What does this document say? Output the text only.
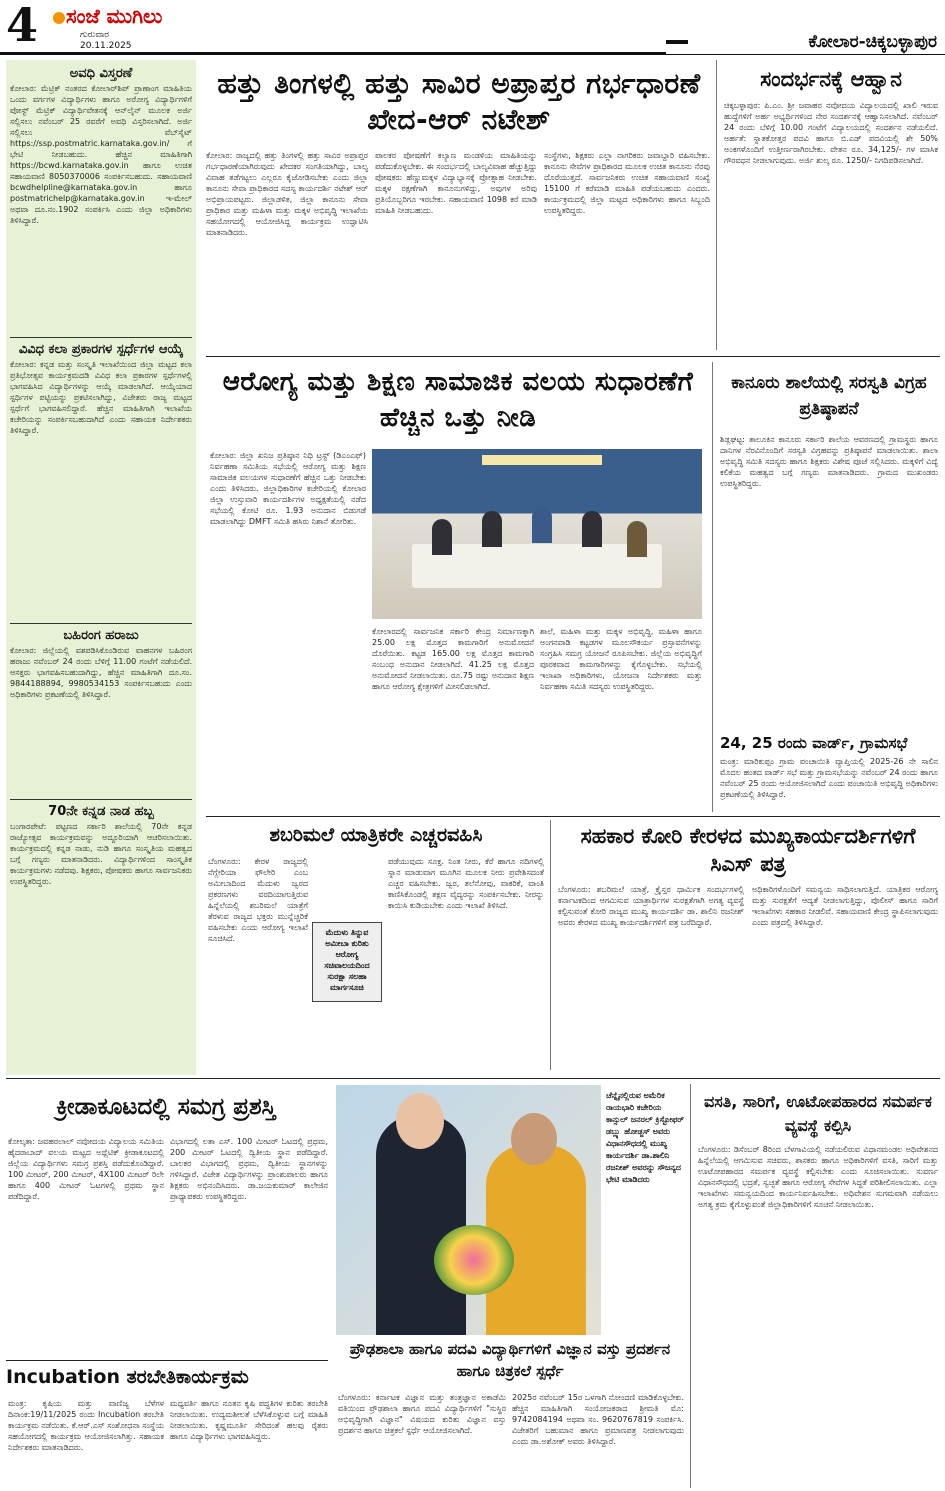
4	ಸಂಜೆ ಮುಗಿಲು
ಗುರುವಾರ
20.11.2025	ಕೋಲಾರ-ಚಿಕ್ಕಬಳ್ಳಾಪುರ
ಅವಧಿ ವಿಸ್ತರಣೆ
ಕೋಲಾರ: ಮೆಟ್ರಿಕ್ ನಂತರದ ಕೋಲಾರ್‌ಶಿಪ್ ಪ್ರಾಣಾಂಗ ಮಾಹಿತಿಯ ಒಂದು ವರ್ಗಗಳ ವಿದ್ಯಾರ್ಥಿಗಳು ಹಾಗೂ ಅರೋಗ್ಯ ವಿದ್ಯಾರ್ಥಿಗಳಿಗೆ ಪೋಸ್ಟ್‌ ಮೆಟ್ರಿಕ್ ವಿದ್ಯಾರ್ಥಿವೇತನಕ್ಕೆ ಆನ್‌ಲೈನ್ ಮೂಲಕ ಅರ್ಜಿ ಸಲ್ಲಿಸಲು ನವೆಂಬರ್ 25 ರವರೆಗೆ ಅವಧಿ ವಿಸ್ತರಿಸಲಾಗಿದೆ. ಅರ್ಜಿ ಸಲ್ಲಿಸಲು ವೆಬ್‌ಸೈಟ್ https://ssp.postmatric.karnataka.gov.in/ ಗೆ ಭೇಟಿ ನೀಡಬಹುದು. ಹೆಚ್ಚಿನ ಮಾಹಿತಿಗಾಗಿ https://bcwd.karnataka.gov.in ಹಾಗೂ ಉಚಿತ ಸಹಾಯವಾಣಿ 8050370006 ಸಂಪರ್ಕಿಸಬಹುದು. ಸಹಾಯವಾಣಿ bcwdhelpline@karnataka.gov.in ಹಾಗೂ postmatrichelp@karnataka.gov.in ಇ-ಮೇಲ್ ಅಥವಾ ದೂ.ನಂ.1902 ಸಂಪರ್ಕಿಸಿ ಎಂದು ಜಿಲ್ಲಾ ಅಧಿಕಾರಿಗಳು ತಿಳಿಸಿದ್ದಾರೆ.
ವಿವಿಧ ಕಲಾ ಪ್ರಕಾರಗಳ ಸ್ಪರ್ಧೆಗಳ ಆಯ್ಕೆ
ಕೋಲಾರ: ಕನ್ನಡ ಮತ್ತು ಸಂಸ್ಕೃತಿ ಇಲಾಖೆಯಿಂದ ಜಿಲ್ಲಾ ಮಟ್ಟದ ಕಲಾ ಪ್ರತಿಭೋತ್ಸವ ಕಾರ್ಯಕ್ರಮದಡಿ ವಿವಿಧ ಕಲಾ ಪ್ರಕಾರಗಳ ಸ್ಪರ್ಧೆಗಳಲ್ಲಿ ಭಾಗವಹಿಸಿದ ವಿದ್ಯಾರ್ಥಿಗಳನ್ನು ಆಯ್ಕೆ ಮಾಡಲಾಗಿದೆ. ಆಯ್ಕೆಯಾದ ಸ್ಪರ್ಧಿಗಳ ಪಟ್ಟಿಯನ್ನು ಪ್ರಕಟಿಸಲಾಗಿದ್ದು, ವಿಜೇತರು ರಾಜ್ಯ ಮಟ್ಟದ ಸ್ಪರ್ಧೆಗೆ ಭಾಗವಹಿಸಲಿದ್ದಾರೆ. ಹೆಚ್ಚಿನ ಮಾಹಿತಿಗಾಗಿ ಇಲಾಖೆಯ ಕಚೇರಿಯನ್ನು ಸಂಪರ್ಕಿಸಬಹುದಾಗಿದೆ ಎಂದು ಸಹಾಯಕ ನಿರ್ದೇಶಕರು ತಿಳಿಸಿದ್ದಾರೆ.
ಬಹಿರಂಗ ಹರಾಜು
ಕೋಲಾರ: ಜಿಲ್ಲೆಯಲ್ಲಿ ವಶಪಡಿಸಿಕೊಂಡಿರುವ ವಾಹನಗಳ ಬಹಿರಂಗ ಹರಾಜು ನವೆಂಬರ್ 24 ರಂದು ಬೆಳಿಗ್ಗೆ 11.00 ಗಂಟೆಗೆ ನಡೆಯಲಿದೆ. ಆಸಕ್ತರು ಭಾಗವಹಿಸಬಹುದಾಗಿದ್ದು, ಹೆಚ್ಚಿನ ಮಾಹಿತಿಗಾಗಿ ದೂ.ಸಂ. 9844188894, 9980534153 ಸಂಪರ್ಕಿಸಬಹುದು ಎಂದು ಅಧಿಕಾರಿಗಳು ಪ್ರಕಟಣೆಯಲ್ಲಿ ತಿಳಿಸಿದ್ದಾರೆ.
70ನೇ ಕನ್ನಡ ನಾಡ ಹಬ್ಬ
ಬಂಗಾರಪೇಟೆ: ಪಟ್ಟಣದ ಸರ್ಕಾರಿ ಶಾಲೆಯಲ್ಲಿ 70ನೇ ಕನ್ನಡ ರಾಜ್ಯೋತ್ಸವ ಕಾರ್ಯಕ್ರಮವನ್ನು ಅದ್ದೂರಿಯಾಗಿ ಆಚರಿಸಲಾಯಿತು. ಕಾರ್ಯಕ್ರಮದಲ್ಲಿ ಕನ್ನಡ ನಾಡು, ನುಡಿ ಹಾಗೂ ಸಂಸ್ಕೃತಿಯ ಮಹತ್ವದ ಬಗ್ಗೆ ಗಣ್ಯರು ಮಾತನಾಡಿದರು. ವಿದ್ಯಾರ್ಥಿಗಳಿಂದ ಸಾಂಸ್ಕೃತಿಕ ಕಾರ್ಯಕ್ರಮಗಳು ನಡೆದವು. ಶಿಕ್ಷಕರು, ಪೋಷಕರು ಹಾಗೂ ಸಾರ್ವಜನಿಕರು ಉಪಸ್ಥಿತರಿದ್ದರು.
ಹತ್ತು ತಿಂಗಳಲ್ಲಿ ಹತ್ತು ಸಾವಿರ ಅಪ್ರಾಪ್ತರ ಗರ್ಭಧಾರಣೆ ಖೇದ-ಆರ್ ನಟೇಶ್
ಕೋಲಾರ: ರಾಜ್ಯದಲ್ಲಿ ಹತ್ತು ತಿಂಗಳಲ್ಲಿ ಹತ್ತು ಸಾವಿರ ಅಪ್ರಾಪ್ತರ ಗರ್ಭಧಾರಣೆಯಾಗಿರುವುದು ಖೇದಕರ ಸಂಗತಿಯಾಗಿದ್ದು, ಬಾಲ್ಯ ವಿವಾಹ ತಡೆಗಟ್ಟಲು ಎಲ್ಲರೂ ಕೈಜೋಡಿಸಬೇಕು ಎಂದು ಜಿಲ್ಲಾ ಕಾನೂನು ಸೇವಾ ಪ್ರಾಧಿಕಾರದ ಸದಸ್ಯ ಕಾರ್ಯದರ್ಶಿ ನಟೇಶ್ ಆರ್ ಅಭಿಪ್ರಾಯಪಟ್ಟರು. ಜಿಲ್ಲಾಡಳಿತ, ಜಿಲ್ಲಾ ಕಾನೂನು ಸೇವಾ ಪ್ರಾಧಿಕಾರ ಮತ್ತು ಮಹಿಳಾ ಮತ್ತು ಮಕ್ಕಳ ಅಭಿವೃದ್ಧಿ ಇಲಾಖೆಯ ಸಹಯೋಗದಲ್ಲಿ ಆಯೋಜಿಸಿದ್ದ ಕಾರ್ಯಕ್ರಮ ಉದ್ಘಾಟಿಸಿ ಮಾತನಾಡಿದರು.
ಪಾಲಕರ ಪೋಷಣೆಗೆ ಕಲ್ಯಾಣ ಮಂಡಳಿಯ ಮಾಹಿತಿಯನ್ನು ಪಡೆದುಕೊಳ್ಳಬೇಕು. ಈ ಸಂದರ್ಭದಲ್ಲಿ ಬಾಲ್ಯವಿವಾಹ ಹೆಚ್ಚುತ್ತಿದ್ದು ಪೋಷಕರು ಹೆಣ್ಣುಮಕ್ಕಳ ವಿದ್ಯಾಭ್ಯಾಸಕ್ಕೆ ಪ್ರೋತ್ಸಾಹ ನೀಡಬೇಕು. ಮಕ್ಕಳ ರಕ್ಷಣೆಗಾಗಿ ಕಾನೂನುಗಳಿದ್ದು, ಅವುಗಳ ಅರಿವು ಪ್ರತಿಯೊಬ್ಬರಿಗೂ ಇರಬೇಕು. ಸಹಾಯವಾಣಿ 1098 ಕರೆ ಮಾಡಿ ಮಾಹಿತಿ ನೀಡಬಹುದು.
ಸಂಸ್ಥೆಗಳು, ಶಿಕ್ಷಕರು ಎಲ್ಲಾ ನಾಗರಿಕರು ಜವಾಬ್ದಾರಿ ವಹಿಸಬೇಕು. ಕಾನೂನು ಸೇವೆಗಳ ಪ್ರಾಧಿಕಾರದ ಮೂಲಕ ಉಚಿತ ಕಾನೂನು ನೆರವು ದೊರೆಯುತ್ತದೆ. ಸಾರ್ವಜನಿಕರು ಉಚಿತ ಸಹಾಯವಾಣಿ ಸಂಖ್ಯೆ 15100 ಗೆ ಕರೆಮಾಡಿ ಮಾಹಿತಿ ಪಡೆಯಬಹುದು ಎಂದರು. ಕಾರ್ಯಕ್ರಮದಲ್ಲಿ ಜಿಲ್ಲಾ ಮಟ್ಟದ ಅಧಿಕಾರಿಗಳು ಹಾಗೂ ಸಿಬ್ಬಂದಿ ಉಪಸ್ಥಿತರಿದ್ದರು.
ಸಂದರ್ಭನಕ್ಕೆ ಆಹ್ವಾನ
ಚಿಕ್ಕಬಳ್ಳಾಪುರ: ಪಿ.ಎಂ. ಶ್ರೀ ಜವಾಹರ ನವೋದಯ ವಿದ್ಯಾಲಯದಲ್ಲಿ ಖಾಲಿ ಇರುವ ಹುದ್ದೆಗಳಿಗೆ ಅರ್ಹ ಅಭ್ಯರ್ಥಿಗಳಿಂದ ನೇರ ಸಂದರ್ಶನಕ್ಕೆ ಆಹ್ವಾನಿಸಲಾಗಿದೆ. ನವೆಂಬರ್ 24 ರಂದು ಬೆಳಿಗ್ಗೆ 10.00 ಗಂಟೆಗೆ ವಿದ್ಯಾಲಯದಲ್ಲಿ ಸಂದರ್ಶನ ನಡೆಯಲಿದೆ. ಅರ್ಹತೆ: ಸ್ನಾತಕೋತ್ತರ ಪದವಿ ಹಾಗೂ ಬಿ.ಎಡ್ ಪದವಿಯಲ್ಲಿ ಶೇ 50% ಅಂಕಗಳೊಂದಿಗೆ ಉತ್ತೀರ್ಣರಾಗಿರಬೇಕು. ವೇತನ ರೂ. 34,125/- ಗಳ ಮಾಸಿಕ ಗೌರವಧನ ನೀಡಲಾಗುವುದು. ಅರ್ಜಿ ಶುಲ್ಕ ರೂ. 1250/- ನಿಗದಿಪಡಿಸಲಾಗಿದೆ.
ಆರೋಗ್ಯ ಮತ್ತು ಶಿಕ್ಷಣ ಸಾಮಾಜಿಕ ವಲಯ ಸುಧಾರಣೆಗೆ ಹೆಚ್ಚಿನ ಒತ್ತು ನೀಡಿ
ಕೋಲಾರ: ಜಿಲ್ಲಾ ಖನಿಜ ಪ್ರತಿಷ್ಠಾನ ನಿಧಿ ಟ್ರಸ್ಟ್ (ಡಿಎಂಎಫ್) ನಿರ್ವಹಣಾ ಸಮಿತಿಯ ಸಭೆಯಲ್ಲಿ ಆರೋಗ್ಯ ಮತ್ತು ಶಿಕ್ಷಣ ಸಾಮಾಜಿಕ ವಲಯಗಳ ಸುಧಾರಣೆಗೆ ಹೆಚ್ಚಿನ ಒತ್ತು ನೀಡಬೇಕು ಎಂದು ತಿಳಿಸಿದರು. ಜಿಲ್ಲಾಧಿಕಾರಿಗಳ ಕಚೇರಿಯಲ್ಲಿ ಕೋಲಾರ ಜಿಲ್ಲಾ ಉಸ್ತುವಾರಿ ಕಾರ್ಯದರ್ಶಿಗಳ ಅಧ್ಯಕ್ಷತೆಯಲ್ಲಿ ನಡೆದ ಸಭೆಯಲ್ಲಿ ಕೋಟಿ ರೂ. 1.93 ಅನುದಾನ ಬಿಡುಗಡೆ ಮಾಡಲಾಗಿದ್ದು DMFT ಸಮಿತಿ ಹಸಿರು ನಿಶಾನೆ ತೋರಿತು.
ಕೋಲಾರದಲ್ಲಿ ಸಾರ್ವಜನಿಕ ಸರ್ಕಾರಿ ಕೇಂದ್ರ ನಿರ್ಮಾಣಕ್ಕಾಗಿ 25.00 ಲಕ್ಷ ಮೊತ್ತದ ಕಾಮಗಾರಿಗೆ ಅನುಮೋದನೆ ದೊರೆಯಿತು. ಕಟ್ಟಡ 165.00 ಲಕ್ಷ ಮೊತ್ತದ ಕಾಮಗಾರಿ ಸಂಬಂಧ ಅನುದಾನ ನೀಡಲಾಗಿದೆ. 41.25 ಲಕ್ಷ ಮೊತ್ತದ ಅನುಮೋದನೆ ನೀಡಲಾಯಿತು. ರೂ.75 ರಷ್ಟು ಅನುದಾನ ಶಿಕ್ಷಣ ಹಾಗೂ ಆರೋಗ್ಯ ಕ್ಷೇತ್ರಗಳಿಗೆ ಮೀಸಲಿಡಲಾಗಿದೆ.
ಶಾಲೆ, ಮಹಿಳಾ ಮತ್ತು ಮಕ್ಕಳ ಅಭಿವೃದ್ಧಿ, ಮಹಿಳಾ ಹಾಗೂ ಅಂಗನವಾಡಿ ಕಟ್ಟಡಗಳ ಮೂಲಸೌಕರ್ಯ ಪ್ರಸ್ತಾವನೆಗಳನ್ನು ಸಂಗ್ರಹಿಸಿ ಸಮಗ್ರ ಯೋಜನೆ ರೂಪಿಸಬೇಕು. ಜಿಲ್ಲೆಯ ಅಭಿವೃದ್ಧಿಗೆ ಪೂರಕವಾದ ಕಾಮಗಾರಿಗಳನ್ನು ಕೈಗೊಳ್ಳಬೇಕು. ಸಭೆಯಲ್ಲಿ ಇಲಾಖಾ ಅಧಿಕಾರಿಗಳು, ಯೋಜನಾ ನಿರ್ದೇಶಕರು ಮತ್ತು ನಿರ್ವಹಣಾ ಸಮಿತಿ ಸದಸ್ಯರು ಉಪಸ್ಥಿತರಿದ್ದರು.
ಕಾನೂರು ಶಾಲೆಯಲ್ಲಿ ಸರಸ್ವತಿ ವಿಗ್ರಹ ಪ್ರತಿಷ್ಠಾಪನೆ
ಶಿಡ್ಲಘಟ್ಟ: ತಾಲೂಕಿನ ಕಾನೂರು ಸರ್ಕಾರಿ ಶಾಲೆಯ ಆವರಣದಲ್ಲಿ ಗ್ರಾಮಸ್ಥರು ಹಾಗೂ ದಾನಿಗಳ ನೆರವಿನೊಂದಿಗೆ ಸರಸ್ವತಿ ವಿಗ್ರಹವನ್ನು ಪ್ರತಿಷ್ಠಾಪನೆ ಮಾಡಲಾಯಿತು. ಶಾಲಾ ಅಭಿವೃದ್ಧಿ ಸಮಿತಿ ಸದಸ್ಯರು ಹಾಗೂ ಶಿಕ್ಷಕರು ವಿಶೇಷ ಪೂಜೆ ಸಲ್ಲಿಸಿದರು. ಮಕ್ಕಳಿಗೆ ವಿದ್ಯೆ ಕಲಿಕೆಯ ಮಹತ್ವದ ಬಗ್ಗೆ ಗಣ್ಯರು ಮಾತನಾಡಿದರು. ಗ್ರಾಮದ ಮುಖಂಡರು ಉಪಸ್ಥಿತರಿದ್ದರು.
24, 25 ರಂದು ವಾರ್ಡ್, ಗ್ರಾಮಸಭೆ
ಮಂತ್ರ: ಮಾರಿಕುಪ್ಪಂ ಗ್ರಾಮ ಪಂಚಾಯಿತಿ ವ್ಯಾಪ್ತಿಯಲ್ಲಿ 2025-26 ನೇ ಸಾಲಿನ ಮೊದಲ ಹಂತದ ವಾರ್ಡ್ ಸಭೆ ಮತ್ತು ಗ್ರಾಮಸಭೆಯನ್ನು ನವೆಂಬರ್ 24 ರಂದು ಹಾಗೂ ನವೆಂಬರ್ 25 ರಂದು ಆಯೋಜಿಸಲಾಗಿದೆ ಎಂದು ಪಂಚಾಯಿತಿ ಅಭಿವೃದ್ಧಿ ಅಧಿಕಾರಿಗಳು ಪ್ರಕಟಣೆಯಲ್ಲಿ ತಿಳಿಸಿದ್ದಾರೆ.
ಶಬರಿಮಲೆ ಯಾತ್ರಿಕರೇ ಎಚ್ಚರವಹಿಸಿ
ಬೆಂಗಳೂರು: ಕೇರಳ ರಾಜ್ಯದಲ್ಲಿ ನೆಗ್ಲೇರಿಯಾ ಫೌಲೇರಿ ಎಂಬ ಅಮೀಬಾದಿಂದ ಮೆದುಳು ಜ್ವರದ ಪ್ರಕರಣಗಳು ವರದಿಯಾಗುತ್ತಿರುವ ಹಿನ್ನೆಲೆಯಲ್ಲಿ ಶಬರಿಮಲೆ ಯಾತ್ರೆಗೆ ತೆರಳುವ ರಾಜ್ಯದ ಭಕ್ತರು ಮುನ್ನೆಚ್ಚರಿಕೆ ವಹಿಸಬೇಕು ಎಂದು ಆರೋಗ್ಯ ಇಲಾಖೆ ಸೂಚಿಸಿದೆ.
ಮೆದುಳು ತಿನ್ನುವ ಅಮೀಬಾ ಕುರಿತು ಆರೋಗ್ಯ ಸಚಿವಾಲಯದಿಂದ ಸುರಕ್ಷಾ ಸಲಹಾ ಮಾರ್ಗಸೂಚಿ
ಪಡೆಯುವುದು ಸೂಕ್ತ. ನಿಂತ ನೀರು, ಕೆರೆ ಹಾಗೂ ನದಿಗಳಲ್ಲಿ ಸ್ನಾನ ಮಾಡುವಾಗ ಮೂಗಿನ ಮೂಲಕ ನೀರು ಪ್ರವೇಶಿಸದಂತೆ ಎಚ್ಚರ ವಹಿಸಬೇಕು. ಜ್ವರ, ತಲೆನೋವು, ವಾಕರಿಕೆ, ವಾಂತಿ ಕಾಣಿಸಿಕೊಂಡಲ್ಲಿ ತಕ್ಷಣ ವೈದ್ಯರನ್ನು ಸಂಪರ್ಕಿಸಬೇಕು. ನೀರನ್ನು ಕಾಯಿಸಿ ಕುಡಿಯಬೇಕು ಎಂದು ಇಲಾಖೆ ತಿಳಿಸಿದೆ.
ಸಹಕಾರ ಕೋರಿ ಕೇರಳದ ಮುಖ್ಯಕಾರ್ಯದರ್ಶಿಗಳಿಗೆ ಸಿಎಸ್ ಪತ್ರ
ಬೆಂಗಳೂರು: ಶಬರಿಮಲೆ ಯಾತ್ರೆ, ಕ್ರೈಸ್ತರ ಧಾರ್ಮಿಕ ಸಂದರ್ಭಗಳಲ್ಲಿ ಕರ್ನಾಟಕದಿಂದ ಆಗಮಿಸುವ ಯಾತ್ರಾರ್ಥಿಗಳ ಸುರಕ್ಷತೆಗಾಗಿ ಅಗತ್ಯ ವ್ಯವಸ್ಥೆ ಕಲ್ಪಿಸುವಂತೆ ಕೋರಿ ರಾಜ್ಯದ ಮುಖ್ಯ ಕಾರ್ಯದರ್ಶಿ ಡಾ. ಶಾಲಿನಿ ರಜನೀಶ್ ಅವರು ಕೇರಳದ ಮುಖ್ಯ ಕಾರ್ಯದರ್ಶಿಗಳಿಗೆ ಪತ್ರ ಬರೆದಿದ್ದಾರೆ.
ಅಧಿಕಾರಿಗಳೊಂದಿಗೆ ಸಮನ್ವಯ ಸಾಧಿಸಲಾಗುತ್ತಿದೆ. ಯಾತ್ರಿಕರ ಆರೋಗ್ಯ ಮತ್ತು ಸುರಕ್ಷತೆಗೆ ಆದ್ಯತೆ ನೀಡಲಾಗುತ್ತಿದ್ದು, ಪೊಲೀಸ್ ಹಾಗೂ ಸಾರಿಗೆ ಇಲಾಖೆಗಳು ಸಹಕಾರ ನೀಡಲಿವೆ. ಸಹಾಯವಾಣಿ ಕೇಂದ್ರ ಸ್ಥಾಪಿಸಲಾಗುವುದು ಎಂದು ಪತ್ರದಲ್ಲಿ ತಿಳಿಸಿದ್ದಾರೆ.
ಕ್ರೀಡಾಕೂಟದಲ್ಲಿ ಸಮಗ್ರ ಪ್ರಶಸ್ತಿ
ಕೋಲ್ಕತಾ: ಜವಹರಲಾಲ್ ನವೋದಯ ವಿದ್ಯಾಲಯ ಸಮಿತಿಯ ಹೈದರಾಬಾದ್ ವಲಯ ಮಟ್ಟದ ಅಥ್ಲೆಟಿಕ್ ಕ್ರೀಡಾಕೂಟದಲ್ಲಿ ಜಿಲ್ಲೆಯ ವಿದ್ಯಾರ್ಥಿಗಳು ಸಮಗ್ರ ಪ್ರಶಸ್ತಿ ಪಡೆದುಕೊಂಡಿದ್ದಾರೆ. 100 ಮೀಟರ್, 200 ಮೀಟರ್, 4X100 ಮೀಟರ್ ರಿಲೇ ಹಾಗೂ 400 ಮೀಟರ್ ಓಟಗಳಲ್ಲಿ ಪ್ರಥಮ ಸ್ಥಾನ ಪಡೆದಿದ್ದಾರೆ.
ವಿಭಾಗದಲ್ಲಿ ಲತಾ ಎಸ್. 100 ಮೀಟರ್ ಓಟದಲ್ಲಿ ಪ್ರಥಮ, 200 ಮೀಟರ್ ಓಟದಲ್ಲಿ ದ್ವಿತೀಯ ಸ್ಥಾನ ಪಡೆದಿದ್ದಾರೆ. ಬಾಲಕರ ವಿಭಾಗದಲ್ಲಿ ಪ್ರಥಮ, ದ್ವಿತೀಯ ಸ್ಥಾನಗಳನ್ನು ಗಳಿಸಿದ್ದಾರೆ. ವಿಜೇತ ವಿದ್ಯಾರ್ಥಿಗಳನ್ನು ಪ್ರಾಂಶುಪಾಲರು ಹಾಗೂ ಶಿಕ್ಷಕರು ಅಭಿನಂದಿಸಿದರು. ಡಾ.ಜಯಕುಮಾರ್ ಕಾಲೇಜಿನ ಪ್ರಾಧ್ಯಾಪಕರು ಉಪಸ್ಥಿತರಿದ್ದರು.
Incubation ತರಬೇತಿಕಾರ್ಯಕ್ರಮ
ಮಂತ್ರ: ಕೃಷಿಯ ಮತ್ತು ವಾಣಿಜ್ಯ ಬೆಳೆಗಳ ದಿನಾಂಕ:19/11/2025 ರಂದು Incubation ತರಬೇತಿ ಕಾರ್ಯಕ್ರಮ ನಡೆಯಿತು. ಕೆ.ಆರ್.ಎಸ್ ಸಂಶೋಧನಾ ಸಂಸ್ಥೆಯ ಸಹಯೋಗದಲ್ಲಿ ಕಾರ್ಯಕ್ರಮ ಆಯೋಜಿಸಲಾಗಿತ್ತು. ಸಹಾಯಕ ನಿರ್ದೇಶಕರು ಮಾತನಾಡಿದರು.
ಮಧ್ಯವರ್ತಿ ಹಾಗೂ ನೂತನ ಕೃಷಿ ಪದ್ಧತಿಗಳ ಕುರಿತು ತರಬೇತಿ ನೀಡಲಾಯಿತು. ಉದ್ಯಮಶೀಲತೆ ಬೆಳೆಸಿಕೊಳ್ಳುವ ಬಗ್ಗೆ ಮಾಹಿತಿ ನೀಡಲಾಯಿತು. ಕೃಷ್ಣಮೂರ್ತಿ ಸೇರಿದಂತೆ ಹಲವು ರೈತರು ಹಾಗೂ ವಿದ್ಯಾರ್ಥಿಗಳು ಭಾಗವಹಿಸಿದ್ದರು.
ಚೆನ್ನೈನಲ್ಲಿರುವ ಅಮೆರಿಕ ರಾಯಭಾರಿ ಕಚೇರಿಯ ಕಾನ್ಸುಲ್ ಜನರಲ್ ಕ್ರಿಸ್ಟೋಫರ್ ಡಬ್ಲ್ಯು ಹೋಡ್ಜಸ್ ಅವರು ವಿಧಾನಸೌಧದಲ್ಲಿ ಮುಖ್ಯ ಕಾರ್ಯದರ್ಶಿ ಡಾ.ಶಾಲಿನಿ ರಜನೀಶ್ ಅವರನ್ನು ಸೌಜನ್ಯದ ಭೇಟಿ ಮಾಡಿದರು
ಪ್ರೌಢಶಾಲಾ ಹಾಗೂ ಪದವಿ ವಿದ್ಯಾರ್ಥಿಗಳಿಗೆ ವಿಜ್ಞಾನ ವಸ್ತು ಪ್ರದರ್ಶನ ಹಾಗೂ ಚಿತ್ರಕಲೆ ಸ್ಪರ್ಧೆ
ಬೆಂಗಳೂರು: ಕರ್ನಾಟಕ ವಿಜ್ಞಾನ ಮತ್ತು ತಂತ್ರಜ್ಞಾನ ಅಕಾಡೆಮಿ ವತಿಯಿಂದ ಪ್ರೌಢಶಾಲಾ ಹಾಗೂ ಪದವಿ ವಿದ್ಯಾರ್ಥಿಗಳಿಗೆ "ಸುಸ್ಥಿರ ಅಭಿವೃದ್ಧಿಗಾಗಿ ವಿಜ್ಞಾನ" ವಿಷಯದ ಕುರಿತು ವಿಜ್ಞಾನ ವಸ್ತು ಪ್ರದರ್ಶನ ಹಾಗೂ ಚಿತ್ರಕಲೆ ಸ್ಪರ್ಧೆ ಆಯೋಜಿಸಲಾಗಿದೆ.
2025ರ ನವೆಂಬರ್ 15ರ ಒಳಗಾಗಿ ನೋಂದಣಿ ಮಾಡಿಕೊಳ್ಳಬೇಕು. ಹೆಚ್ಚಿನ ಮಾಹಿತಿಗಾಗಿ ಸಂಯೋಜಕರಾದ ಶ್ರೀಮತಿ ಮೊ: 9742084194 ಅಥವಾ ಸಂ. 9620767819 ಸಂಪರ್ಕಿಸಿ. ವಿಜೇತರಿಗೆ ಬಹುಮಾನ ಹಾಗೂ ಪ್ರಮಾಣಪತ್ರ ನೀಡಲಾಗುವುದು ಎಂದು ಡಾ.ಅಶೋಕ್ ಅವರು ತಿಳಿಸಿದ್ದಾರೆ.
ವಸತಿ, ಸಾರಿಗೆ, ಊಟೋಪಹಾರದ ಸಮರ್ಪಕ ವ್ಯವಸ್ಥೆ ಕಲ್ಪಿಸಿ
ಬೆಂಗಳೂರು: ಡಿಸೆಂಬರ್ 8ರಿಂದ ಬೆಳಗಾವಿಯಲ್ಲಿ ನಡೆಯಲಿರುವ ವಿಧಾನಮಂಡಲ ಅಧಿವೇಶನದ ಹಿನ್ನೆಲೆಯಲ್ಲಿ ಆಗಮಿಸುವ ಸಚಿವರು, ಶಾಸಕರು ಹಾಗೂ ಅಧಿಕಾರಿಗಳಿಗೆ ವಸತಿ, ಸಾರಿಗೆ ಮತ್ತು ಊಟೋಪಹಾರದ ಸಮರ್ಪಕ ವ್ಯವಸ್ಥೆ ಕಲ್ಪಿಸಬೇಕು ಎಂದು ಸೂಚಿಸಲಾಯಿತು. ಸುವರ್ಣ ವಿಧಾನಸೌಧದಲ್ಲಿ ಭದ್ರತೆ, ಸ್ವಚ್ಛತೆ ಹಾಗೂ ಆರೋಗ್ಯ ಸೇವೆಗಳ ಸಿದ್ಧತೆ ಪರಿಶೀಲಿಸಲಾಯಿತು. ಎಲ್ಲಾ ಇಲಾಖೆಗಳು ಸಮನ್ವಯದಿಂದ ಕಾರ್ಯನಿರ್ವಹಿಸಬೇಕು. ಅಧಿವೇಶನ ಸುಗಮವಾಗಿ ನಡೆಯಲು ಅಗತ್ಯ ಕ್ರಮ ಕೈಗೊಳ್ಳುವಂತೆ ಜಿಲ್ಲಾಧಿಕಾರಿಗಳಿಗೆ ಸೂಚನೆ ನೀಡಲಾಯಿತು.
